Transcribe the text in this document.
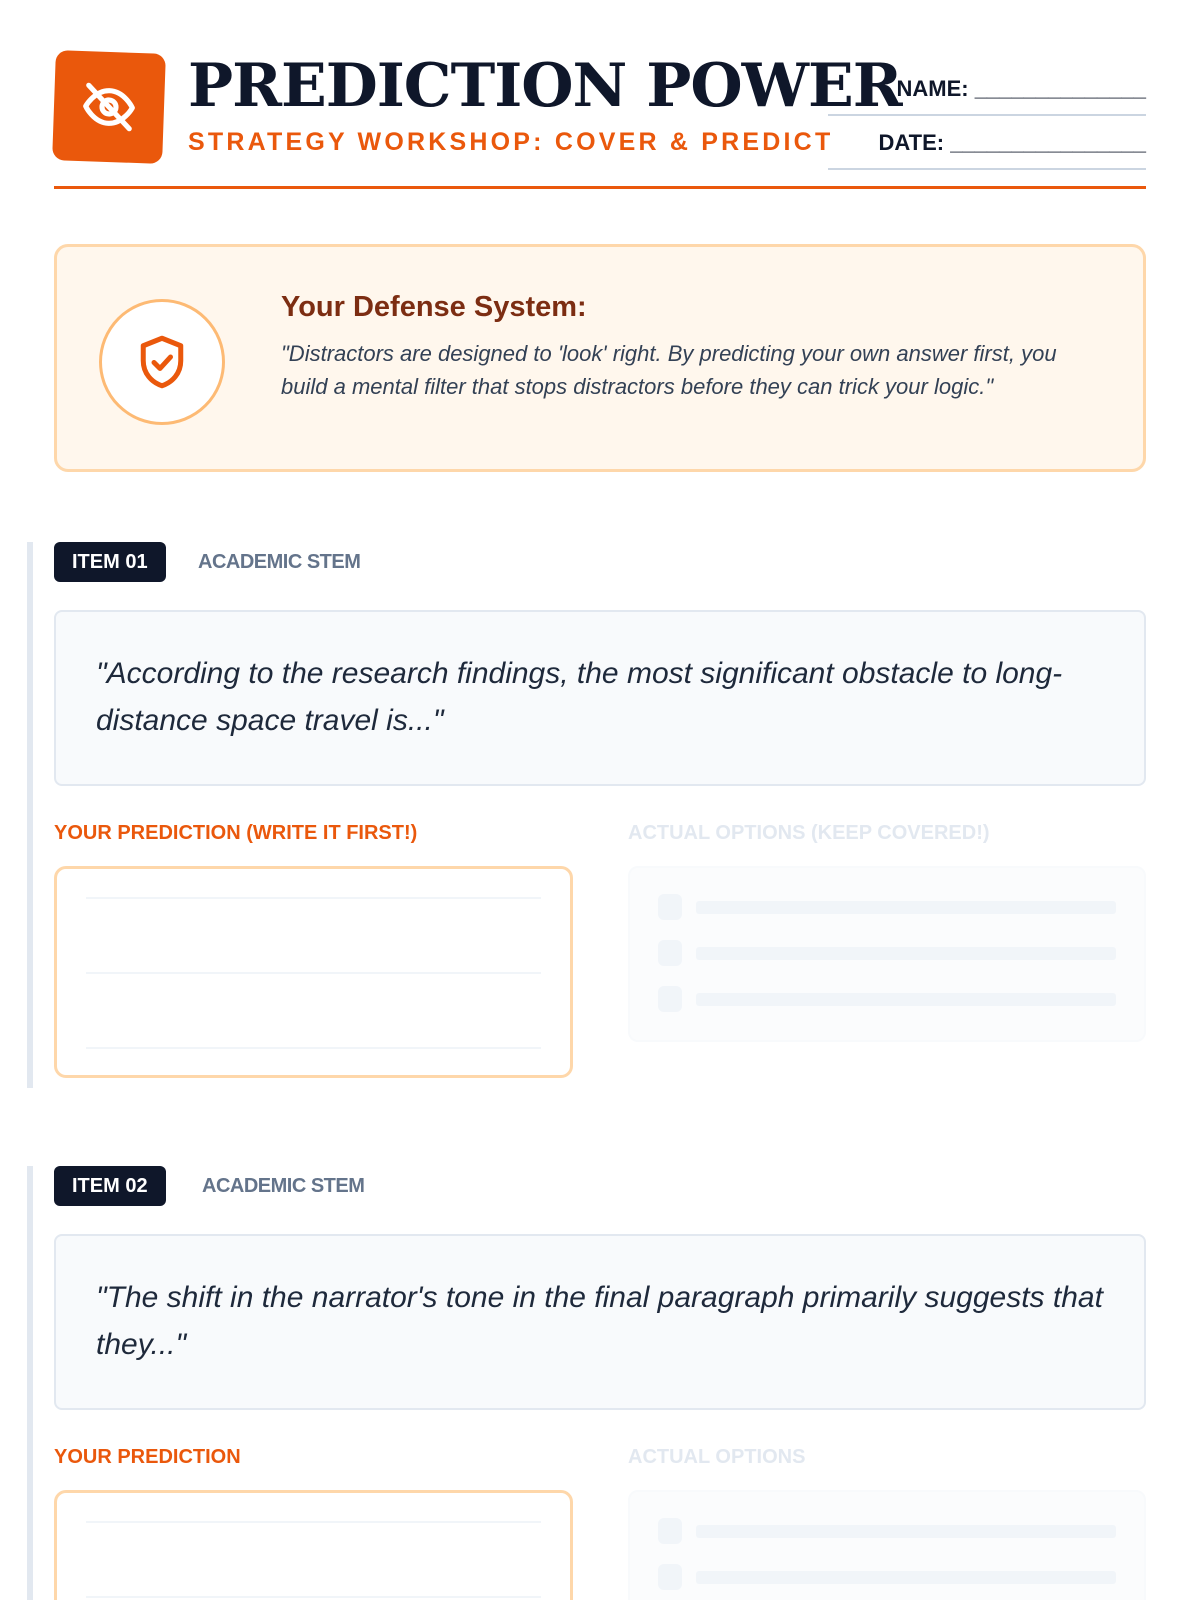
PREDICTION POWER
STRATEGY WORKSHOP: COVER & PREDICT
NAME: ______________
DATE: ________________
Your Defense System:
"Distractors are designed to 'look' right. By predicting your own answer first, you build a mental filter that stops distractors before they can trick your logic."
ITEM 01	ACADEMIC STEM
"According to the research findings, the most significant obstacle to long-distance space travel is..."
YOUR PREDICTION (WRITE IT FIRST!)	ACTUAL OPTIONS (KEEP COVERED!)
ITEM 02	ACADEMIC STEM
"The shift in the narrator's tone in the final paragraph primarily suggests that they..."
YOUR PREDICTION	ACTUAL OPTIONS
